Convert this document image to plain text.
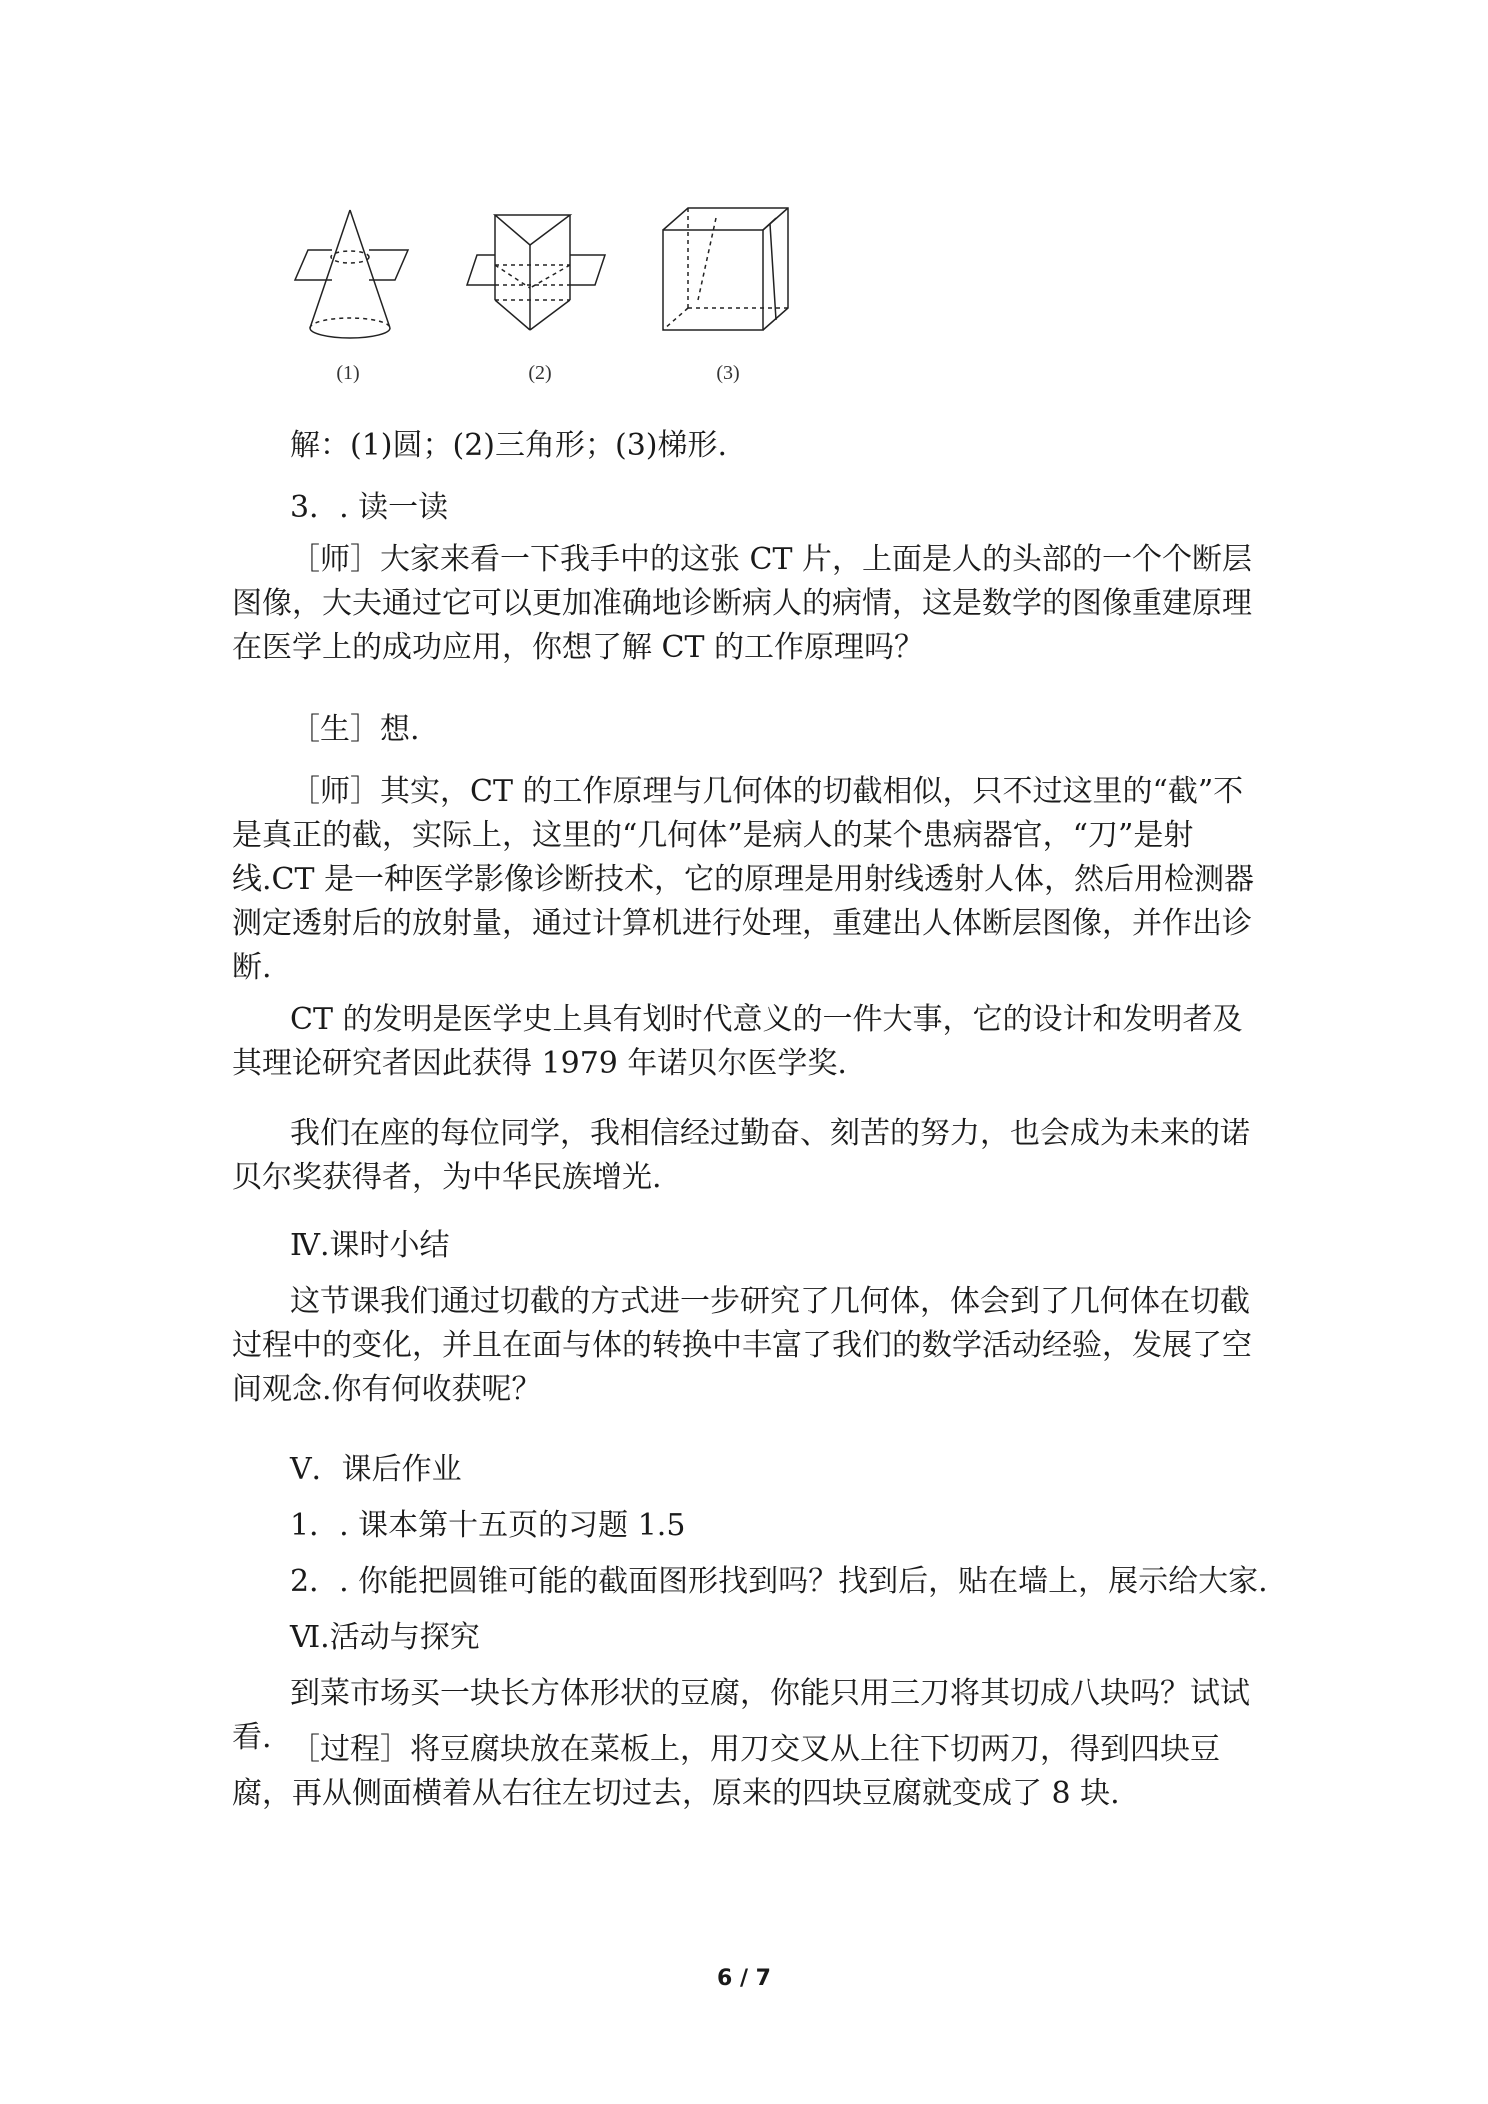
(1)	(2)	(3)

解：(1)圆；(2)三角形；(3)梯形.

3．. 读一读

［师］大家来看一下我手中的这张 CT 片，上面是人的头部的一个个断层图像，大夫通过它可以更加准确地诊断病人的病情，这是数学的图像重建原理在医学上的成功应用，你想了解 CT 的工作原理吗？

［生］想.

［师］其实，CT 的工作原理与几何体的切截相似，只不过这里的“截”不是真正的截，实际上，这里的“几何体”是病人的某个患病器官，“刀”是射线.CT 是一种医学影像诊断技术，它的原理是用射线透射人体，然后用检测器测定透射后的放射量，通过计算机进行处理，重建出人体断层图像，并作出诊断.

CT 的发明是医学史上具有划时代意义的一件大事，它的设计和发明者及其理论研究者因此获得 1979 年诺贝尔医学奖.

我们在座的每位同学，我相信经过勤奋、刻苦的努力，也会成为未来的诺贝尔奖获得者，为中华民族增光.

Ⅳ.课时小结

这节课我们通过切截的方式进一步研究了几何体，体会到了几何体在切截过程中的变化，并且在面与体的转换中丰富了我们的数学活动经验，发展了空间观念.你有何收获呢？

Ⅴ．课后作业

1．. 课本第十五页的习题 1.5

2．. 你能把圆锥可能的截面图形找到吗？找到后，贴在墙上，展示给大家.

Ⅵ.活动与探究

到菜市场买一块长方体形状的豆腐，你能只用三刀将其切成八块吗？试试看. ［过程］将豆腐块放在菜板上，用刀交叉从上往下切两刀，得到四块豆腐，再从侧面横着从右往左切过去，原来的四块豆腐就变成了 8 块.

6 / 7
